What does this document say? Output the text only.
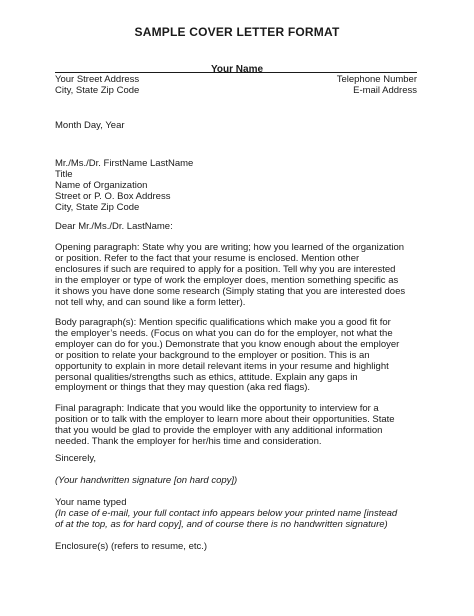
SAMPLE COVER LETTER FORMAT
Your Name
Your Street Address
City, State Zip Code
Telephone Number
E-mail Address
Month Day, Year
Mr./Ms./Dr. FirstName LastName
Title
Name of Organization
Street or P. O. Box Address
City, State Zip Code
Dear Mr./Ms./Dr. LastName:
Opening paragraph: State why you are writing; how you learned of the organization
or position. Refer to the fact that your resume is enclosed. Mention other
enclosures if such are required to apply for a position. Tell why you are interested
in the employer or type of work the employer does, mention something specific as
it shows you have done some research (Simply stating that you are interested does
not tell why, and can sound like a form letter).
Body paragraph(s): Mention specific qualifications which make you a good fit for
the employer’s needs. (Focus on what you can do for the employer, not what the
employer can do for you.) Demonstrate that you know enough about the employer
or position to relate your background to the employer or position. This is an
opportunity to explain in more detail relevant items in your resume and highlight
personal qualities/strengths such as ethics, attitude. Explain any gaps in
employment or things that they may question (aka red flags).
Final paragraph: Indicate that you would like the opportunity to interview for a
position or to talk with the employer to learn more about their opportunities. State
that you would be glad to provide the employer with any additional information
needed. Thank the employer for her/his time and consideration.
Sincerely,
(Your handwritten signature [on hard copy])
Your name typed
(In case of e-mail, your full contact info appears below your printed name [instead
of at the top, as for hard copy], and of course there is no handwritten signature)
Enclosure(s) (refers to resume, etc.)
